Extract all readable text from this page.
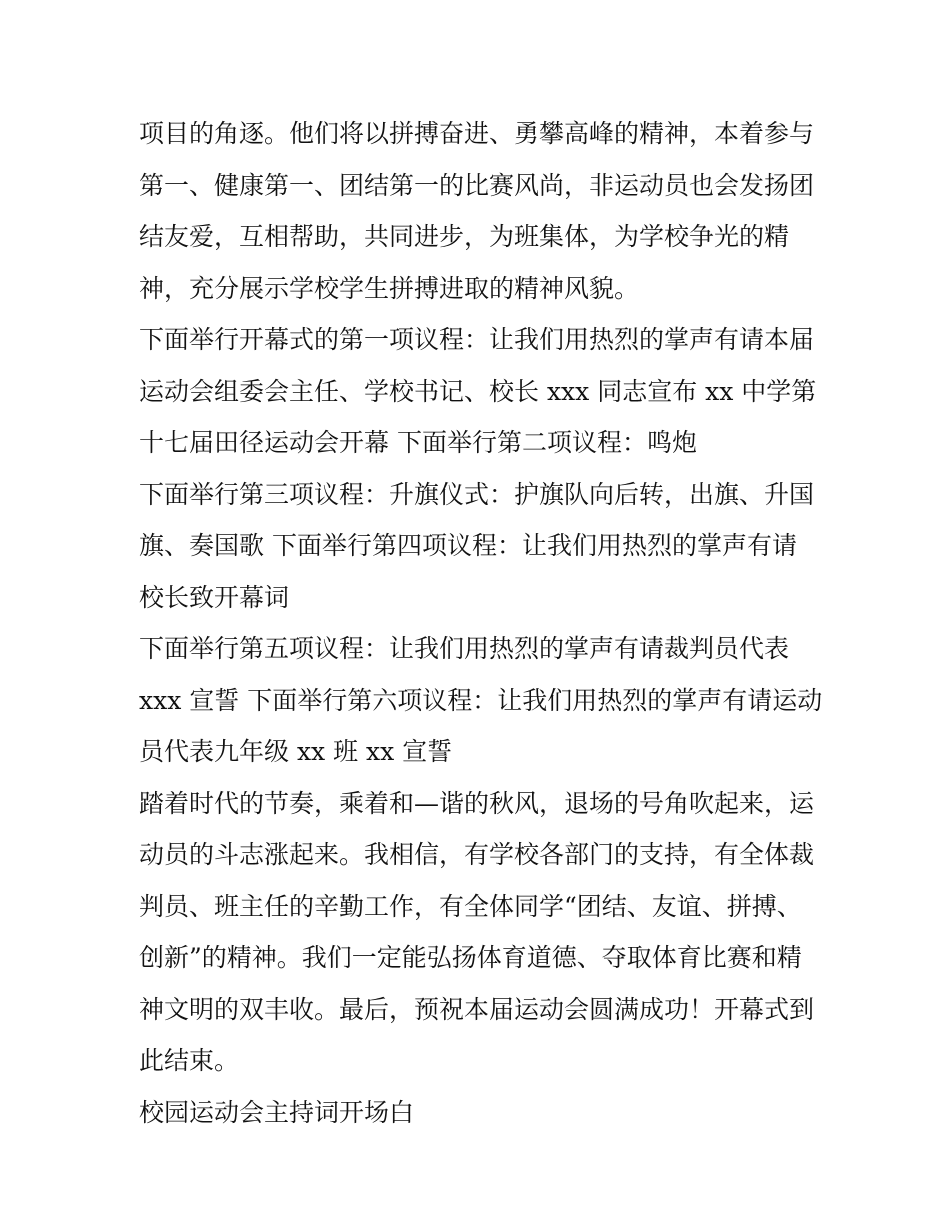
项目的角逐。他们将以拼搏奋进、勇攀高峰的精神，本着参与
第一、健康第一、团结第一的比赛风尚，非运动员也会发扬团
结友爱，互相帮助，共同进步，为班集体，为学校争光的精
神，充分展示学校学生拼搏进取的精神风貌。
下面举行开幕式的第一项议程：让我们用热烈的掌声有请本届
运动会组委会主任、学校书记、校长 xxx 同志宣布 xx 中学第
十七届田径运动会开幕 下面举行第二项议程：鸣炮
下面举行第三项议程：升旗仪式：护旗队向后转，出旗、升国
旗、奏国歌 下面举行第四项议程：让我们用热烈的掌声有请
校长致开幕词
下面举行第五项议程：让我们用热烈的掌声有请裁判员代表
xxx 宣誓 下面举行第六项议程：让我们用热烈的掌声有请运动
员代表九年级 xx 班 xx 宣誓
踏着时代的节奏，乘着和—谐的秋风，退场的号角吹起来，运
动员的斗志涨起来。我相信，有学校各部门的支持，有全体裁
判员、班主任的辛勤工作，有全体同学“团结、友谊、拼搏、
创新”的精神。我们一定能弘扬体育道德、夺取体育比赛和精
神文明的双丰收。最后，预祝本届运动会圆满成功！开幕式到
此结束。
校园运动会主持词开场白
